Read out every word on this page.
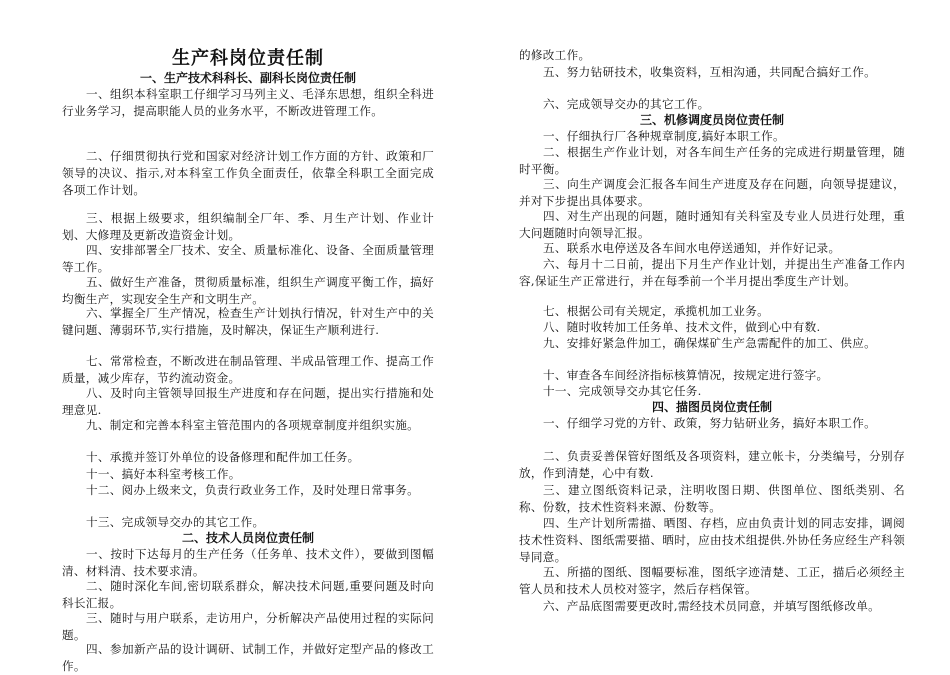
生产科岗位责任制
一、生产技术科科长、副科长岗位责任制
一、组织本科室职工仔细学习马列主义、毛泽东思想，组织全科进行业务学习，提高职能人员的业务水平，不断改进管理工作。
二、仔细贯彻执行党和国家对经济计划工作方面的方针、政策和厂领导的决议、指示,对本科室工作负全面责任，依靠全科职工全面完成各项工作计划。
三、根据上级要求，组织编制全厂年、季、月生产计划、作业计划、大修理及更新改造资金计划。
四、安排部署全厂技术、安全、质量标准化、设备、全面质量管理等工作。
五、做好生产准备，贯彻质量标准，组织生产调度平衡工作，搞好均衡生产，实现安全生产和文明生产。
六、掌握全厂生产情况，检查生产计划执行情况，针对生产中的关键问题、薄弱环节,实行措施，及时解决，保证生产顺利进行.
七、常常检查，不断改进在制品管理、半成品管理工作、提高工作质量，减少库存，节约流动资金。
八、及时向主管领导回报生产进度和存在问题，提出实行措施和处理意见.
九、制定和完善本科室主管范围内的各项规章制度并组织实施。
十、承揽并签订外单位的设备修理和配件加工任务。
十一、搞好本科室考核工作。
十二、阅办上级来文，负责行政业务工作，及时处理日常事务。
十三、完成领导交办的其它工作。
二、技术人员岗位责任制
一、按时下达每月的生产任务（任务单、技术文件），要做到图幅清、材料清、技术要求清。
二、随时深化车间,密切联系群众，解决技术问题,重要问题及时向科长汇报。
三、随时与用户联系，走访用户，分析解决产品使用过程的实际问题。
四、参加新产品的设计调研、试制工作，并做好定型产品的修改工作。
的修改工作。
五、努力钻研技术，收集资料，互相沟通，共同配合搞好工作。
六、完成领导交办的其它工作。
三、机修调度员岗位责任制
一、仔细执行厂各种规章制度,搞好本职工作。
二、根据生产作业计划，对各车间生产任务的完成进行期量管理，随时平衡。
三、向生产调度会汇报各车间生产进度及存在问题，向领导提建议，并对下步提出具体要求。
四、对生产出现的问题，随时通知有关科室及专业人员进行处理，重大问题随时向领导汇报。
五、联系水电停送及各车间水电停送通知，并作好记录。
六、每月十二日前，提出下月生产作业计划，并提出生产准备工作内容,保证生产正常进行，并在每季前一个半月提出季度生产计划。
七、根据公司有关规定，承揽机加工业务。
八、随时收转加工任务单、技术文件，做到心中有数.
九、安排好紧急件加工，确保煤矿生产急需配件的加工、供应。
十、审查各车间经济指标核算情况，按规定进行签字。
十一、完成领导交办其它任务.
四、描图员岗位责任制
一、仔细学习党的方针、政策，努力钻研业务，搞好本职工作。
二、负责妥善保管好图纸及各项资料，建立帐卡，分类编号，分别存放，作到清楚，心中有数.
三、建立图纸资料记录，注明收图日期、供图单位、图纸类别、名称、份数，技术性资料来源、份数等。
四、生产计划所需描、晒图、存档，应由负责计划的同志安排，调阅技术性资料、图纸需要描、晒时，应由技术组提供.外协任务应经生产科领导同意。
五、所描的图纸、图幅要标准，图纸字迹清楚、工正，描后必须经主管人员和技术人员校对签字，然后存档保管。
六、产品底图需要更改时,需经技术员同意，并填写图纸修改单。
